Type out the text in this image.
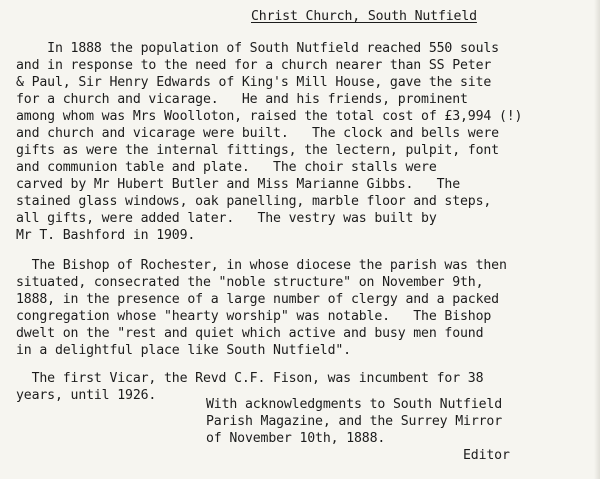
Christ Church, South Nutfield
In 1888 the population of South Nutfield reached 550 souls
and in response to the need for a church nearer than SS Peter
& Paul, Sir Henry Edwards of King's Mill House, gave the site
for a church and vicarage.   He and his friends, prominent
among whom was Mrs Woolloton, raised the total cost of £3,994 (!)
and church and vicarage were built.   The clock and bells were
gifts as were the internal fittings, the lectern, pulpit, font
and communion table and plate.   The choir stalls were
carved by Mr Hubert Butler and Miss Marianne Gibbs.   The
stained glass windows, oak panelling, marble floor and steps,
all gifts, were added later.   The vestry was built by
Mr T. Bashford in 1909.
The Bishop of Rochester, in whose diocese the parish was then
situated, consecrated the "noble structure" on November 9th,
1888, in the presence of a large number of clergy and a packed
congregation whose "hearty worship" was notable.   The Bishop
dwelt on the "rest and quiet which active and busy men found
in a delightful place like South Nutfield".
The first Vicar, the Revd C.F. Fison, was incumbent for 38
years, until 1926.
With acknowledgments to South Nutfield
Parish Magazine, and the Surrey Mirror
of November 10th, 1888.
Editor
